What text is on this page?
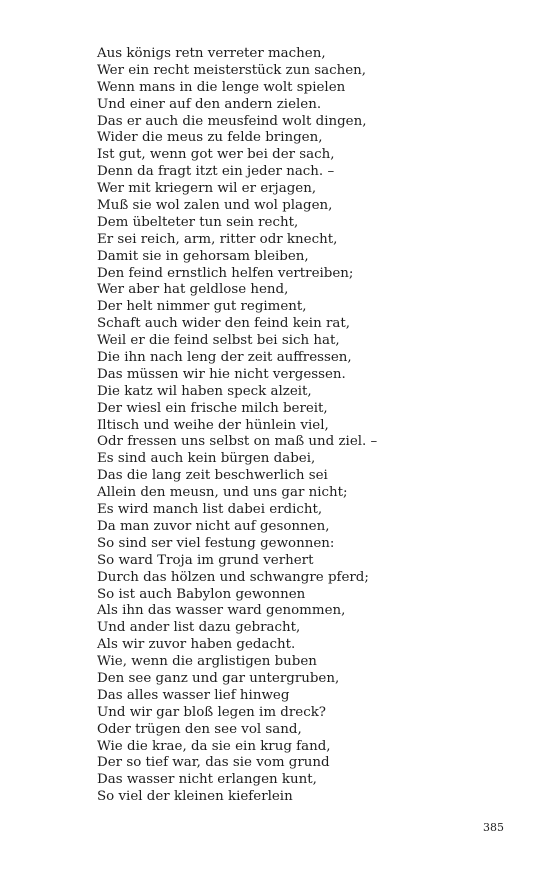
Aus königs retn verreter machen,
Wer ein recht meisterstück zun sachen,
Wenn mans in die lenge wolt spielen
Und einer auf den andern zielen.
Das er auch die meusfeind wolt dingen,
Wider die meus zu felde bringen,
Ist gut, wenn got wer bei der sach,
Denn da fragt itzt ein jeder nach. –
Wer mit kriegern wil er erjagen,
Muß sie wol zalen und wol plagen,
Dem übelteter tun sein recht,
Er sei reich, arm, ritter odr knecht,
Damit sie in gehorsam bleiben,
Den feind ernstlich helfen vertreiben;
Wer aber hat geldlose hend,
Der helt nimmer gut regiment,
Schaft auch wider den feind kein rat,
Weil er die feind selbst bei sich hat,
Die ihn nach leng der zeit auffressen,
Das müssen wir hie nicht vergessen.
Die katz wil haben speck alzeit,
Der wiesl ein frische milch bereit,
Iltisch und weihe der hünlein viel,
Odr fressen uns selbst on maß und ziel. –
Es sind auch kein bürgen dabei,
Das die lang zeit beschwerlich sei
Allein den meusn, und uns gar nicht;
Es wird manch list dabei erdicht,
Da man zuvor nicht auf gesonnen,
So sind ser viel festung gewonnen:
So ward Troja im grund verhert
Durch das hölzen und schwangre pferd;
So ist auch Babylon gewonnen
Als ihn das wasser ward genommen,
Und ander list dazu gebracht,
Als wir zuvor haben gedacht.
Wie, wenn die arglistigen buben
Den see ganz und gar untergruben,
Das alles wasser lief hinweg
Und wir gar bloß legen im dreck?
Oder trügen den see vol sand,
Wie die krae, da sie ein krug fand,
Der so tief war, das sie vom grund
Das wasser nicht erlangen kunt,
So viel der kleinen kieferlein
385
